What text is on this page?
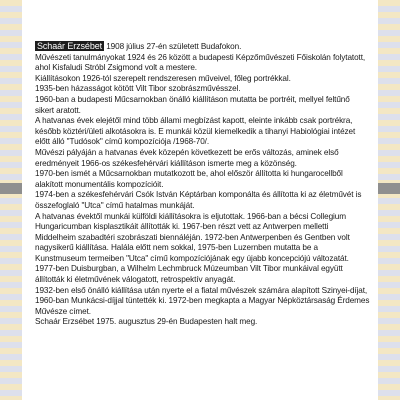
Schaár Erzsébet 1908 július 27-én született Budafokon.

Művészeti tanulmányokat 1924 és 26 között a budapesti Képzőművészeti Főiskolán folytatott, ahol Kisfaludi Stróbl Zsigmond volt a mestere.

Kiállításokon 1926-tól szerepelt rendszeresen műveivel, főleg portrékkal.

1935-ben házasságot kötött Vilt Tibor szobrászművésszel.

1960-ban a budapesti Műcsarnokban önálló kiállításon mutatta be portréit, mellyel feltűnő sikert aratott.

A hatvanas évek elejétől mind több állami megbízást kapott, eleinte inkább csak portrékra, később köztéri/ületi alkotásokra is. E munkái közül kiemelkedik a tihanyi Habiológiai intézet előtt álló "Tudósok" című kompozíciója /1968-70/.

Művészi pályáján a hatvanas évek közepén következett be erős változás, aminek első eredményeit 1966-os székesfehérvári kiállításon ismerte meg a közönség.

1970-ben ismét a Műcsarnokban mutatkozott be, ahol először állította ki hungarocellből alakított monumentális kompozícióit.

1974-ben a székesfehérvári Csók István Képtárban komponálta és állította ki az életművét is összefoglaló "Utca" című hatalmas munkáját.

A hatvanas évektől munkái külföldi kiállításokra is eljutottak. 1966-ban a bécsi Collegium Hungaricumban kisplasztikáit állították ki. 1967-ben részt vett az Antwerpen melletti Middelheim szabadtéri szobrászati biennáléján. 1972-ben Antwerpenben és Gentben volt nagysikerű kiállítása. Halála előtt nem sokkal, 1975-ben Luzernben mutatta be a Kunstmuseum termeiben "Utca" című kompozíciójának egy újabb koncepciójú változatát. 1977-ben Duisburgban, a Wilhelm Lechmbruck Múzeumban Vilt Tibor munkáival együtt állították ki életművének válogatott, retrospektív anyagát.

1932-ben első önálló kiállítása után nyerte el a fiatal művészek számára alapított Szinyei-díjat, 1960-ban Munkácsi-díjjal tüntették ki. 1972-ben megkapta a Magyar Népköztársaság Érdemes Művésze címet.

Schaár Erzsébet 1975. augusztus 29-én Budapesten halt meg.
